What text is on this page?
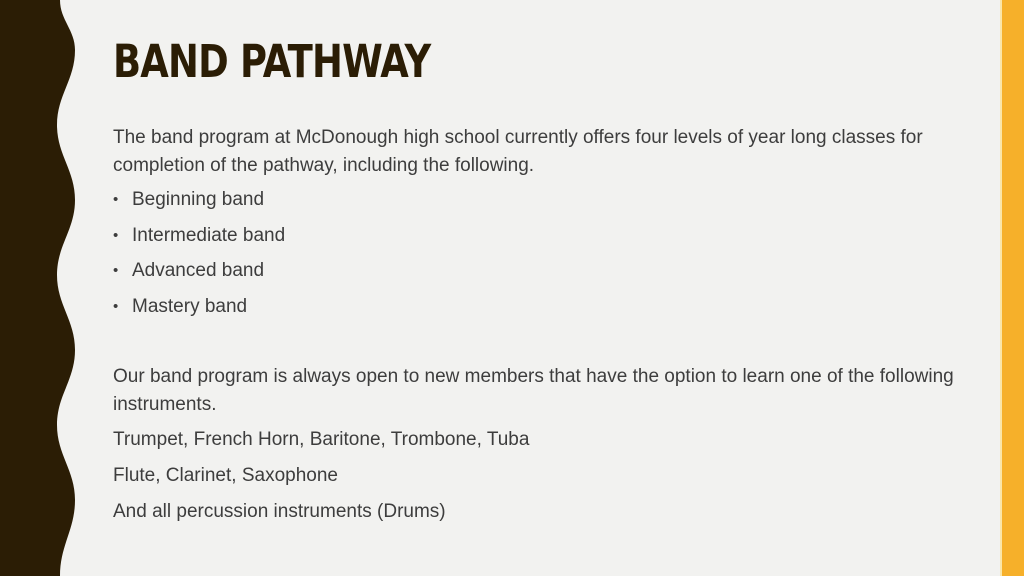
BAND PATHWAY

The band program at McDonough high school currently offers four levels of year long classes for completion of the pathway, including the following.

• Beginning band
• Intermediate band
• Advanced band
• Mastery band

Our band program is always open to new members that have the option to learn one of the following instruments.

Trumpet, French Horn, Baritone, Trombone, Tuba

Flute, Clarinet, Saxophone

And all percussion instruments (Drums)
